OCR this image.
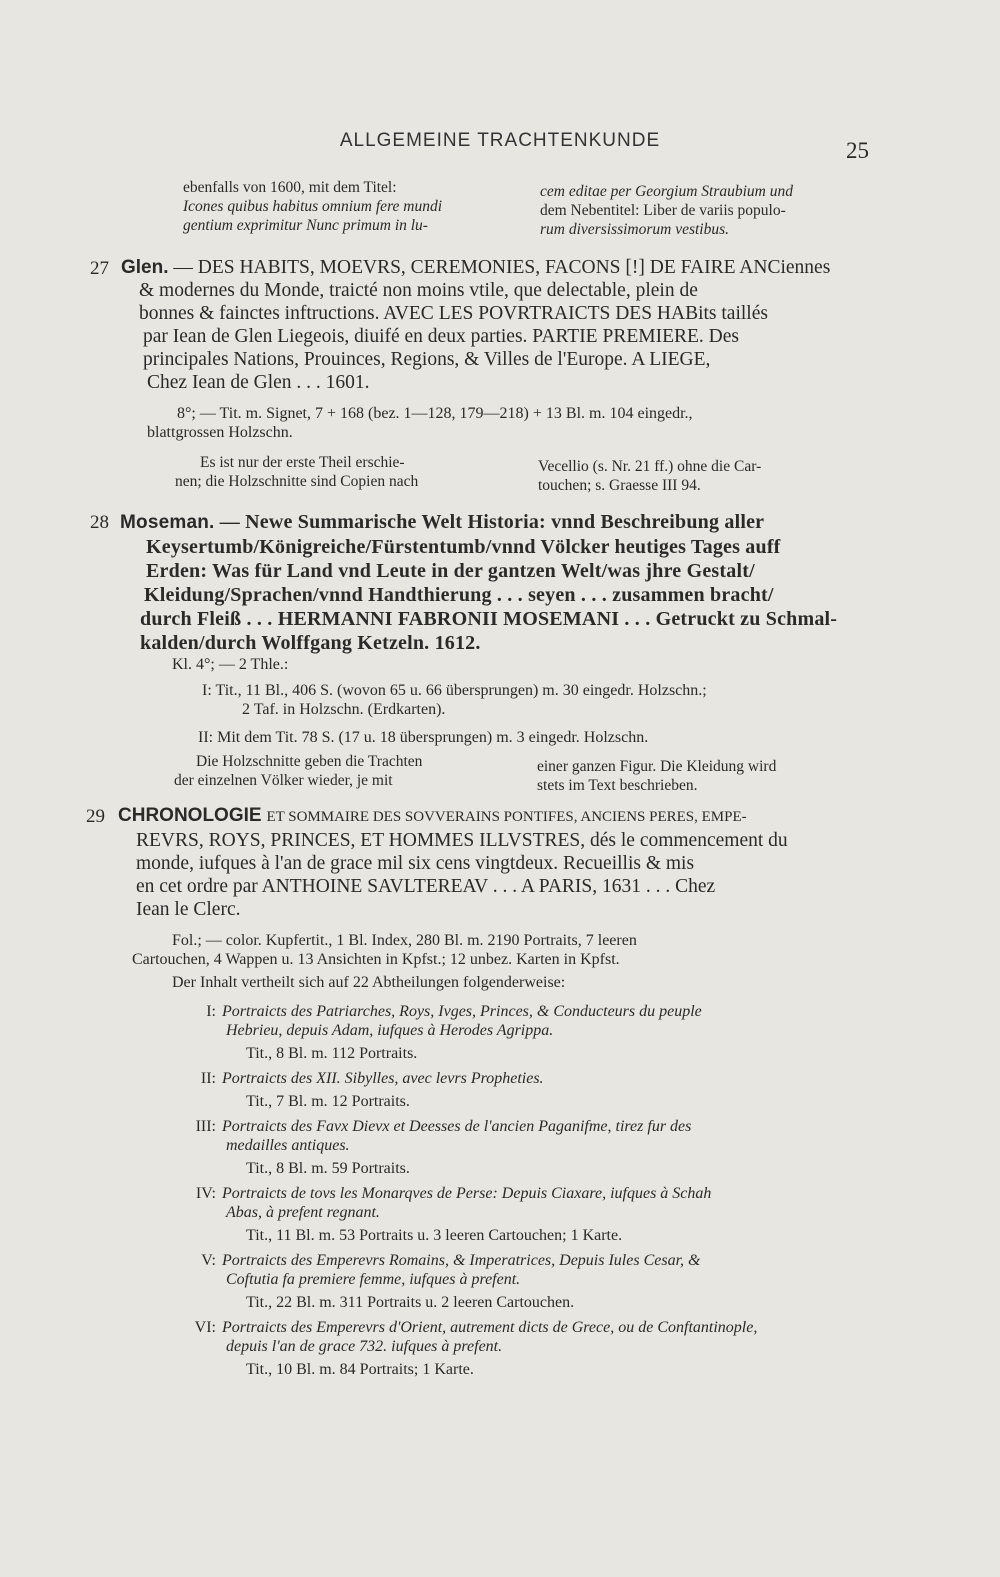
ALLGEMEINE TRACHTENKUNDE	25

ebenfalls von 1600, mit dem Titel:

Icones quibus habitus omnium fere mundi

gentium exprimitur Nunc primum in lu-

cem editae per Georgium Straubium und

dem Nebentitel: Liber de variis populo-

rum diversissimorum vestibus.

27 Glen. — DES HABITS, MOEVRS, CEREMONIES, FACONS [!] DE FAIRE ANCiennes
& modernes du Monde, traicté non moins vtile, que delectable, plein de
bonnes & fainctes inftructions. AVEC LES POVRTRAICTS DES HABits taillés
par Iean de Glen Liegeois, diuifé en deux parties. PARTIE PREMIERE. Des
principales Nations, Prouinces, Regions, & Villes de l'Europe. A LIEGE,
Chez Iean de Glen . . . 1601.
8°; — Tit. m. Signet, 7 + 168 (bez. 1—128, 179—218) + 13 Bl. m. 104 eingedr.,
blattgrossen Holzschn.

Es ist nur der erste Theil erschie-

nen; die Holzschnitte sind Copien nach

Vecellio (s. Nr. 21 ff.) ohne die Car-

touchen; s. Graesse III 94.

28 Moseman. — Newe Summarische Welt Historia: vnnd Beschreibung aller
Keysertumb/Königreiche/Fürstentumb/vnnd Völcker heutiges Tages auff
Erden: Was für Land vnd Leute in der gantzen Welt/was jhre Gestalt/
Kleidung/Sprachen/vnnd Handthierung . . . seyen . . . zusammen bracht/
durch Fleiß . . . HERMANNI FABRONII MOSEMANI . . . Getruckt zu Schmal-
kalden/durch Wolffgang Ketzeln. 1612.
Kl. 4°; — 2 Thle.:
I: Tit., 11 Bl., 406 S. (wovon 65 u. 66 übersprungen) m. 30 eingedr. Holzschn.;
2 Taf. in Holzschn. (Erdkarten).
II: Mit dem Tit. 78 S. (17 u. 18 übersprungen) m. 3 eingedr. Holzschn.

Die Holzschnitte geben die Trachten

der einzelnen Völker wieder, je mit

einer ganzen Figur. Die Kleidung wird

stets im Text beschrieben.

29 CHRONOLOGIE ET SOMMAIRE DES SOVVERAINS PONTIFES, ANCIENS PERES, EMPE-
REVRS, ROYS, PRINCES, ET HOMMES ILLVSTRES, dés le commencement du
monde, iufques à l'an de grace mil six cens vingtdeux. Recueillis & mis
en cet ordre par ANTHOINE SAVLTEREAV . . . A PARIS, 1631 . . . Chez
Iean le Clerc.
Fol.; — color. Kupfertit., 1 Bl. Index, 280 Bl. m. 2190 Portraits, 7 leeren
Cartouchen, 4 Wappen u. 13 Ansichten in Kpfst.; 12 unbez. Karten in Kpfst.
Der Inhalt vertheilt sich auf 22 Abtheilungen folgenderweise:
I: Portraicts des Patriarches, Roys, Ivges, Princes, & Conducteurs du peuple
Hebrieu, depuis Adam, iufques à Herodes Agrippa.
Tit., 8 Bl. m. 112 Portraits.
II: Portraicts des XII. Sibylles, avec levrs Propheties.
Tit., 7 Bl. m. 12 Portraits.
III: Portraicts des Favx Dievx et Deesses de l'ancien Paganifme, tirez fur des
medailles antiques.
Tit., 8 Bl. m. 59 Portraits.
IV: Portraicts de tovs les Monarqves de Perse: Depuis Ciaxare, iufques à Schah
Abas, à prefent regnant.
Tit., 11 Bl. m. 53 Portraits u. 3 leeren Cartouchen; 1 Karte.
V: Portraicts des Emperevrs Romains, & Imperatrices, Depuis Iules Cesar, &
Coftutia fa premiere femme, iufques à prefent.
Tit., 22 Bl. m. 311 Portraits u. 2 leeren Cartouchen.
VI: Portraicts des Emperevrs d'Orient, autrement dicts de Grece, ou de Conftantinople,
depuis l'an de grace 732. iufques à prefent.
Tit., 10 Bl. m. 84 Portraits; 1 Karte.
